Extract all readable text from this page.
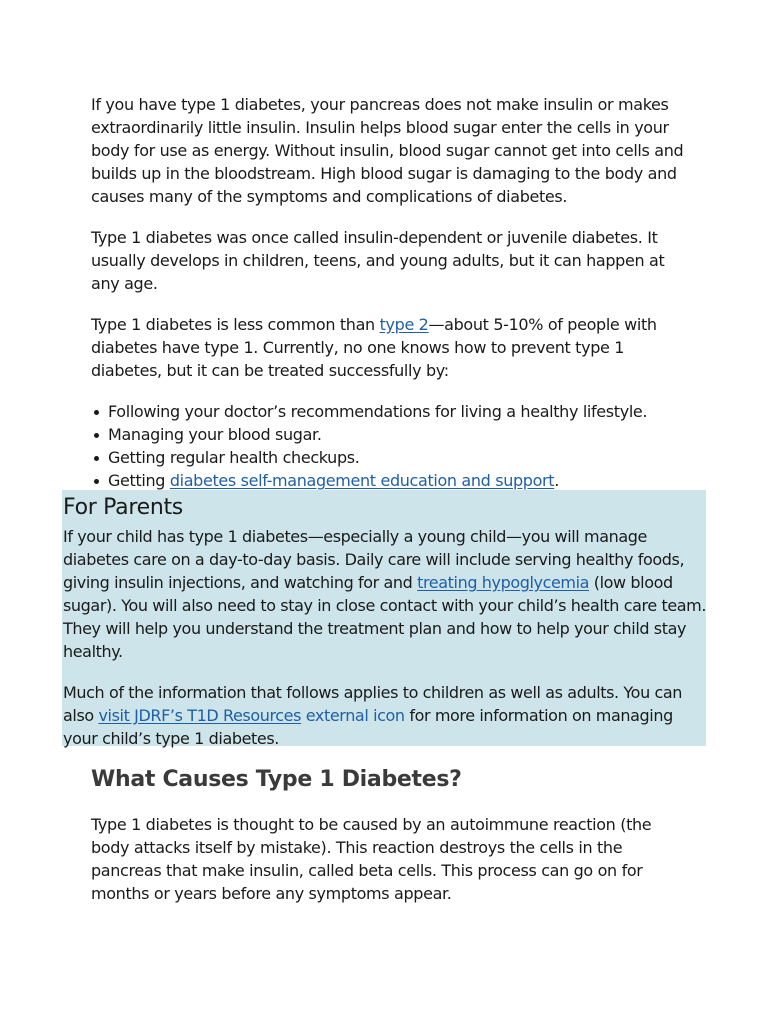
If you have type 1 diabetes, your pancreas does not make insulin or makes extraordinarily little insulin. Insulin helps blood sugar enter the cells in your body for use as energy. Without insulin, blood sugar cannot get into cells and builds up in the bloodstream. High blood sugar is damaging to the body and causes many of the symptoms and complications of diabetes.

Type 1 diabetes was once called insulin-dependent or juvenile diabetes. It usually develops in children, teens, and young adults, but it can happen at any age.

Type 1 diabetes is less common than type 2—about 5-10% of people with diabetes have type 1. Currently, no one knows how to prevent type 1 diabetes, but it can be treated successfully by:

Following your doctor’s recommendations for living a healthy lifestyle.
Managing your blood sugar.
Getting regular health checkups.
Getting diabetes self-management education and support.
For Parents

If your child has type 1 diabetes—especially a young child—you will manage diabetes care on a day-to-day basis. Daily care will include serving healthy foods, giving insulin injections, and watching for and treating hypoglycemia (low blood sugar). You will also need to stay in close contact with your child’s health care team. They will help you understand the treatment plan and how to help your child stay healthy.

Much of the information that follows applies to children as well as adults. You can also visit JDRF’s T1D Resources external icon for more information on managing your child’s type 1 diabetes.

What Causes Type 1 Diabetes?

Type 1 diabetes is thought to be caused by an autoimmune reaction (the body attacks itself by mistake). This reaction destroys the cells in the pancreas that make insulin, called beta cells. This process can go on for months or years before any symptoms appear.
